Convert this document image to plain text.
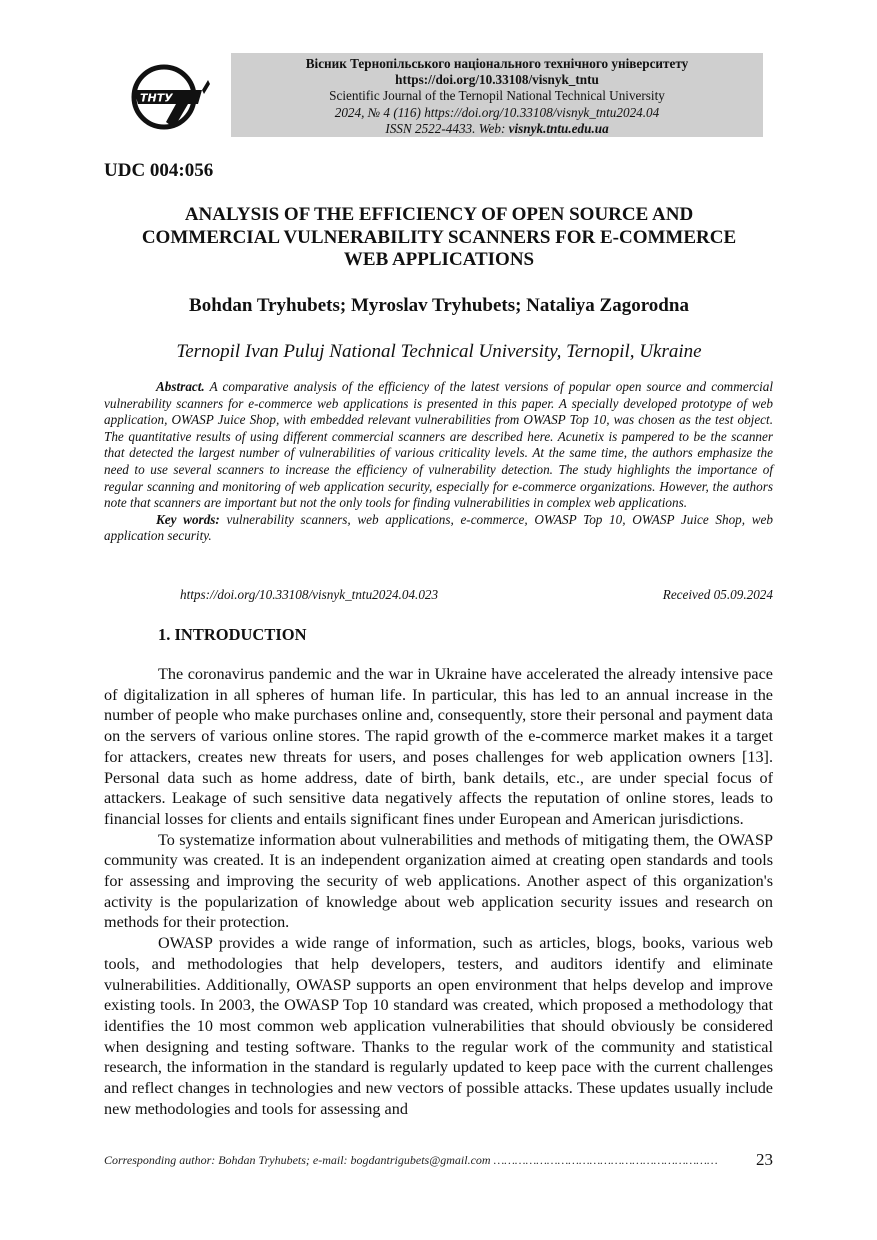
ТНТУ
Вісник Тернопільського національного технічного університету
https://doi.org/10.33108/visnyk_tntu
Scientific Journal of the Ternopil National Technical University
2024, № 4 (116) https://doi.org/10.33108/visnyk_tntu2024.04
ISSN 2522-4433. Web: visnyk.tntu.edu.ua
UDC 004:056
ANALYSIS OF THE EFFICIENCY OF OPEN SOURCE AND
COMMERCIAL VULNERABILITY SCANNERS FOR E-COMMERCE
WEB APPLICATIONS
Bohdan Tryhubets; Myroslav Tryhubets; Nataliya Zagorodna
Ternopil Ivan Puluj National Technical University, Ternopil, Ukraine

Abstract. A comparative analysis of the efficiency of the latest versions of popular open source and commercial vulnerability scanners for e-commerce web applications is presented in this paper. A specially developed prototype of web application, OWASP Juice Shop, with embedded relevant vulnerabilities from OWASP Top 10, was chosen as the test object. The quantitative results of using different commercial scanners are described here. Acunetix is pampered to be the scanner that detected the largest number of vulnerabilities of various criticality levels. At the same time, the authors emphasize the need to use several scanners to increase the efficiency of vulnerability detection. The study highlights the importance of regular scanning and monitoring of web application security, especially for e-commerce organizations. However, the authors note that scanners are important but not the only tools for finding vulnerabilities in complex web applications.

Key words: vulnerability scanners, web applications, e-commerce, OWASP Top 10, OWASP Juice Shop, web application security.

https://doi.org/10.33108/visnyk_tntu2024.04.023	Received 05.09.2024
1. INTRODUCTION

The coronavirus pandemic and the war in Ukraine have accelerated the already intensive pace of digitalization in all spheres of human life. In particular, this has led to an annual increase in the number of people who make purchases online and, consequently, store their personal and payment data on the servers of various online stores. The rapid growth of the e-commerce market makes it a target for attackers, creates new threats for users, and poses challenges for web application owners [13]. Personal data such as home address, date of birth, bank details, etc., are under special focus of attackers. Leakage of such sensitive data negatively affects the reputation of online stores, leads to financial losses for clients and entails significant fines under European and American jurisdictions.

To systematize information about vulnerabilities and methods of mitigating them, the OWASP community was created. It is an independent organization aimed at creating open standards and tools for assessing and improving the security of web applications. Another aspect of this organization's activity is the popularization of knowledge about web application security issues and research on methods for their protection.

OWASP provides a wide range of information, such as articles, blogs, books, various web tools, and methodologies that help developers, testers, and auditors identify and eliminate vulnerabilities. Additionally, OWASP supports an open environment that helps develop and improve existing tools. In 2003, the OWASP Top 10 standard was created, which proposed a methodology that identifies the 10 most common web application vulnerabilities that should obviously be considered when designing and testing software. Thanks to the regular work of the community and statistical research, the information in the standard is regularly updated to keep pace with the current challenges and reflect changes in technologies and new vectors of possible attacks. These updates usually include new methodologies and tools for assessing and

Corresponding author: Bohdan Tryhubets; e-mail: bogdantrigubets@gmail.com ……………………………………………………… 23
